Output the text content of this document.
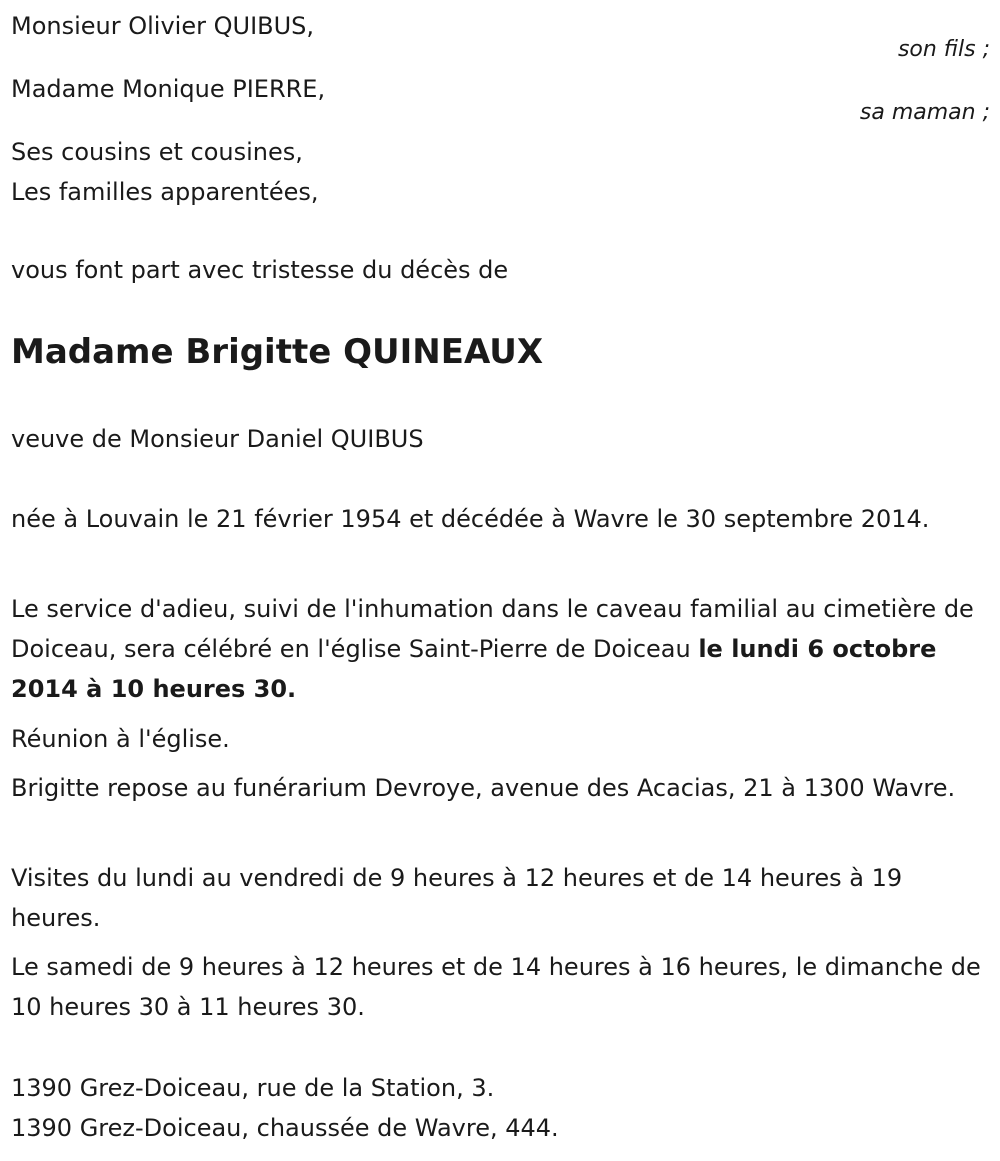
Monsieur Olivier QUIBUS,

son fils ;

Madame Monique PIERRE,

sa maman ;

Ses cousins et cousines,

Les familles apparentées,

vous font part avec tristesse du décès de

Madame Brigitte QUINEAUX

veuve de Monsieur Daniel QUIBUS

née à Louvain le 21 février 1954 et décédée à Wavre le 30 septembre 2014.

Le service d'adieu, suivi de l'inhumation dans le caveau familial au cimetière de Doiceau, sera célébré en l'église Saint-Pierre de Doiceau le lundi 6 octobre 2014 à 10 heures 30.

Réunion à l'église.

Brigitte repose au funérarium Devroye, avenue des Acacias, 21 à 1300 Wavre.

Visites du lundi au vendredi de 9 heures à 12 heures et de 14 heures à 19 heures.

Le samedi de 9 heures à 12 heures et de 14 heures à 16 heures, le dimanche de 10 heures 30 à 11 heures 30.

1390 Grez-Doiceau, rue de la Station, 3.

1390 Grez-Doiceau, chaussée de Wavre, 444.
